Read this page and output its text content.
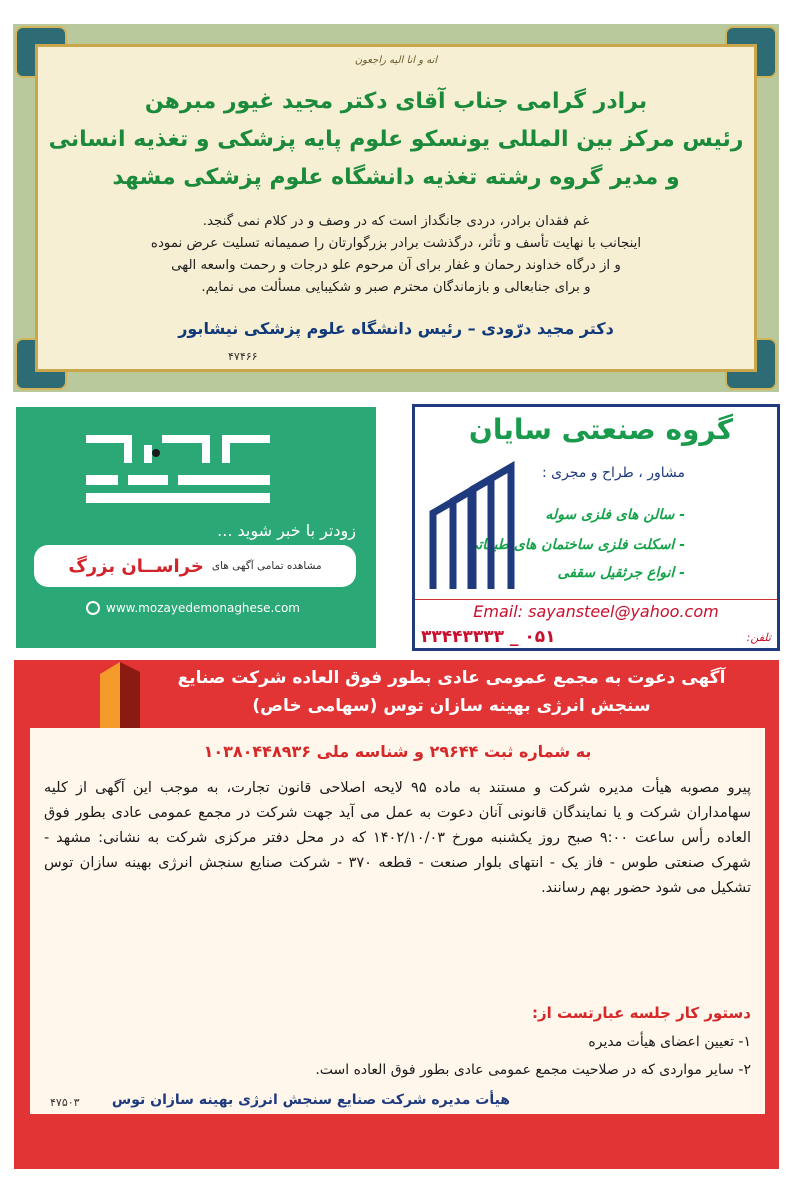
انه و انا اليه راجعون
برادر گرامی جناب آقای دکتر مجید غیور مبرهن
رئیس مرکز بین المللی یونسکو علوم پایه پزشکی و تغذیه انسانی
و مدیر گروه رشته تغذیه دانشگاه علوم پزشکی مشهد
غم فقدان برادر، دردی جانگداز است که در وصف و در کلام نمی گنجد.
اینجانب با نهایت تأسف و تأثر، درگذشت برادر بزرگوارتان را صمیمانه تسلیت عرض نموده
و از درگاه خداوند رحمان و غفار برای آن مرحوم علو درجات و رحمت واسعه الهی
و برای جنابعالی و بازماندگان محترم صبر و شکیبایی مسألت می نمایم.
دکتر مجید درّودی – رئیس دانشگاه علوم پزشکی نیشابور
۴۷۴۶۶
زودتر با خبر شوید ...
مشاهده تمامی آگهی های
خراســان بزرگ
www.mozayedemonaghese.com
گروه صنعتی سایان
مشاور ، طراح و مجری :
- سالن های فلزی سوله
- اسکلت فلزی ساختمان های طبقاتی
- انواع جرثقیل سقفی
Email: sayansteel@yahoo.com
۰۵۱ _ ۳۳۴۴۳۳۳۳	تلفن:
آگهی دعوت به مجمع عمومی عادی بطور فوق العاده شرکت صنایع
سنجش انرژی بهینه سازان توس (سهامی خاص)
به شماره ثبت ۲۹۶۴۴ و شناسه ملی ۱۰۳۸۰۴۴۸۹۳۶
پیرو مصوبه هیأت مدیره شرکت و مستند به ماده ۹۵ لایحه اصلاحی قانون تجارت، به موجب این آگهی از کلیه سهامداران شرکت و یا نمایندگان قانونی آنان دعوت به عمل می آید جهت شرکت در مجمع عمومی عادی بطور فوق العاده رأس ساعت ۹:۰۰ صبح روز یکشنبه مورخ ۱۴۰۲/۱۰/۰۳ که در محل دفتر مرکزی شرکت به نشانی: مشهد - شهرک صنعتی طوس - فاز یک - انتهای بلوار صنعت - قطعه ۳۷۰ - شرکت صنایع سنجش انرژی بهینه سازان توس تشکیل می شود حضور بهم رسانند.
دستور کار جلسه عبارتست از:
۱- تعیین اعضای هیأت مدیره
۲- سایر مواردی که در صلاحیت مجمع عمومی عادی بطور فوق العاده است.
هیأت مدیره شرکت صنایع سنجش انرژی بهینه سازان توس
۴۷۵۰۳
